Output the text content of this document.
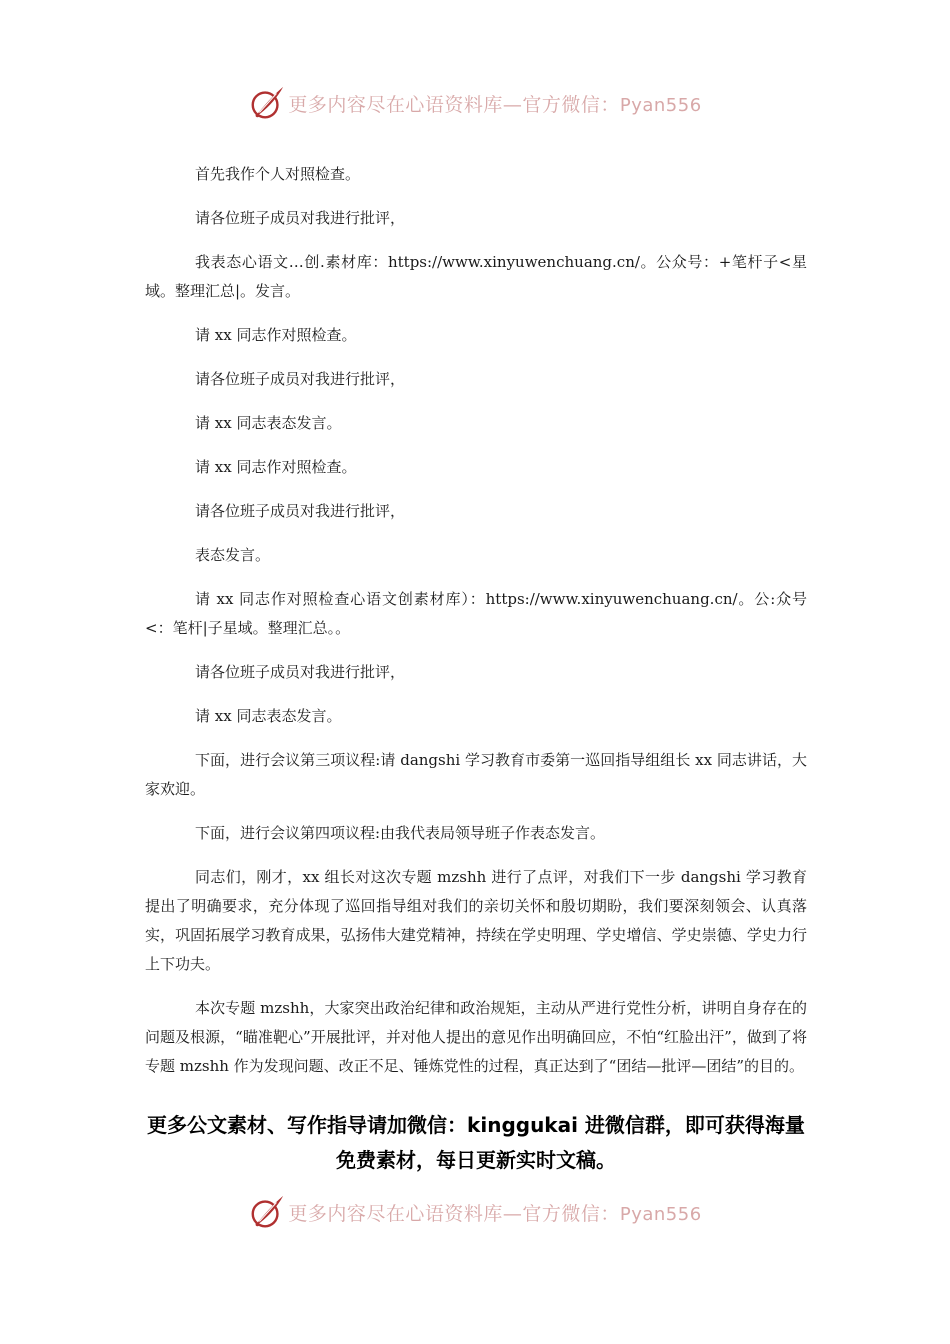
更多内容尽在心语资料库—官方微信：Pyan556

首先我作个人对照检查。

请各位班子成员对我进行批评，

我表态心语文…创.素材库：https://www.xinyuwenchuang.cn/。公众号：+笔杆子<星域。整理汇总|。发言。

请 xx 同志作对照检查。

请各位班子成员对我进行批评，

请 xx 同志表态发言。

请 xx 同志作对照检查。

请各位班子成员对我进行批评，

表态发言。

请 xx 同志作对照检查心语文创素材库）：https://www.xinyuwenchuang.cn/。公:众号<：笔杆|子星域。整理汇总。。

请各位班子成员对我进行批评，

请 xx 同志表态发言。

下面，进行会议第三项议程:请 dangshi 学习教育市委第一巡回指导组组长 xx 同志讲话，大家欢迎。

下面，进行会议第四项议程:由我代表局领导班子作表态发言。

同志们，刚才，xx 组长对这次专题 mzshh 进行了点评，对我们下一步 dangshi 学习教育提出了明确要求，充分体现了巡回指导组对我们的亲切关怀和殷切期盼，我们要深刻领会、认真落实，巩固拓展学习教育成果，弘扬伟大建党精神，持续在学史明理、学史增信、学史崇德、学史力行上下功夫。

本次专题 mzshh，大家突出政治纪律和政治规矩，主动从严进行党性分析，讲明自身存在的问题及根源，“瞄准靶心”开展批评，并对他人提出的意见作出明确回应，不怕“红脸出汗”，做到了将专题 mzshh 作为发现问题、改正不足、锤炼党性的过程，真正达到了“团结—批评—团结”的目的。

更多公文素材、写作指导请加微信：kinggukai 进微信群，即可获得海量免费素材，每日更新实时文稿。
更多内容尽在心语资料库—官方微信：Pyan556
